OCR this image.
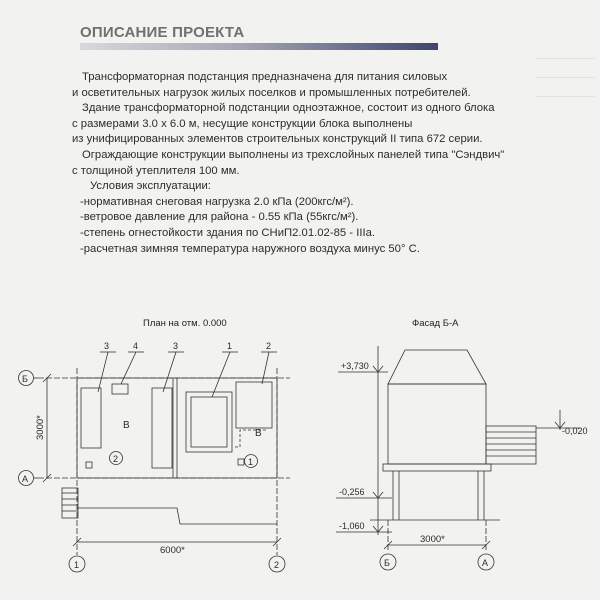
ОПИСАНИЕ ПРОЕКТА

Трансформаторная подстанция предназначена для питания силовых

и осветительных нагрузок жилых поселков и промышленных потребителей.

Здание трансформаторной подстанции одноэтажное, состоит из одного блока

с размерами 3.0 х 6.0 м, несущие конструкции блока выполнены

из унифицированных элементов строительных конструкций II типа 672 серии.

Ограждающие конструкции выполнены из трехслойных панелей типа "Сэндвич"

с толщиной утеплителя 100 мм.

Условия эксплуатации:

-нормативная снеговая нагрузка 2.0 кПа (200кгс/м²).

-ветровое давление для района - 0.55 кПа (55кгс/м²).

-степень огнестойкости здания по СНиП2.01.02-85 - IIIа.

-расчетная зимняя температура наружного воздуха минус 50° С.

План на отм. 0.000
3	4	3	1	2
В
В
2	1
Б
А
1	2
6000*
3000*
Фасад Б-А
+3,730
-0,020
-0,256
-1,060
Б	А
3000*
